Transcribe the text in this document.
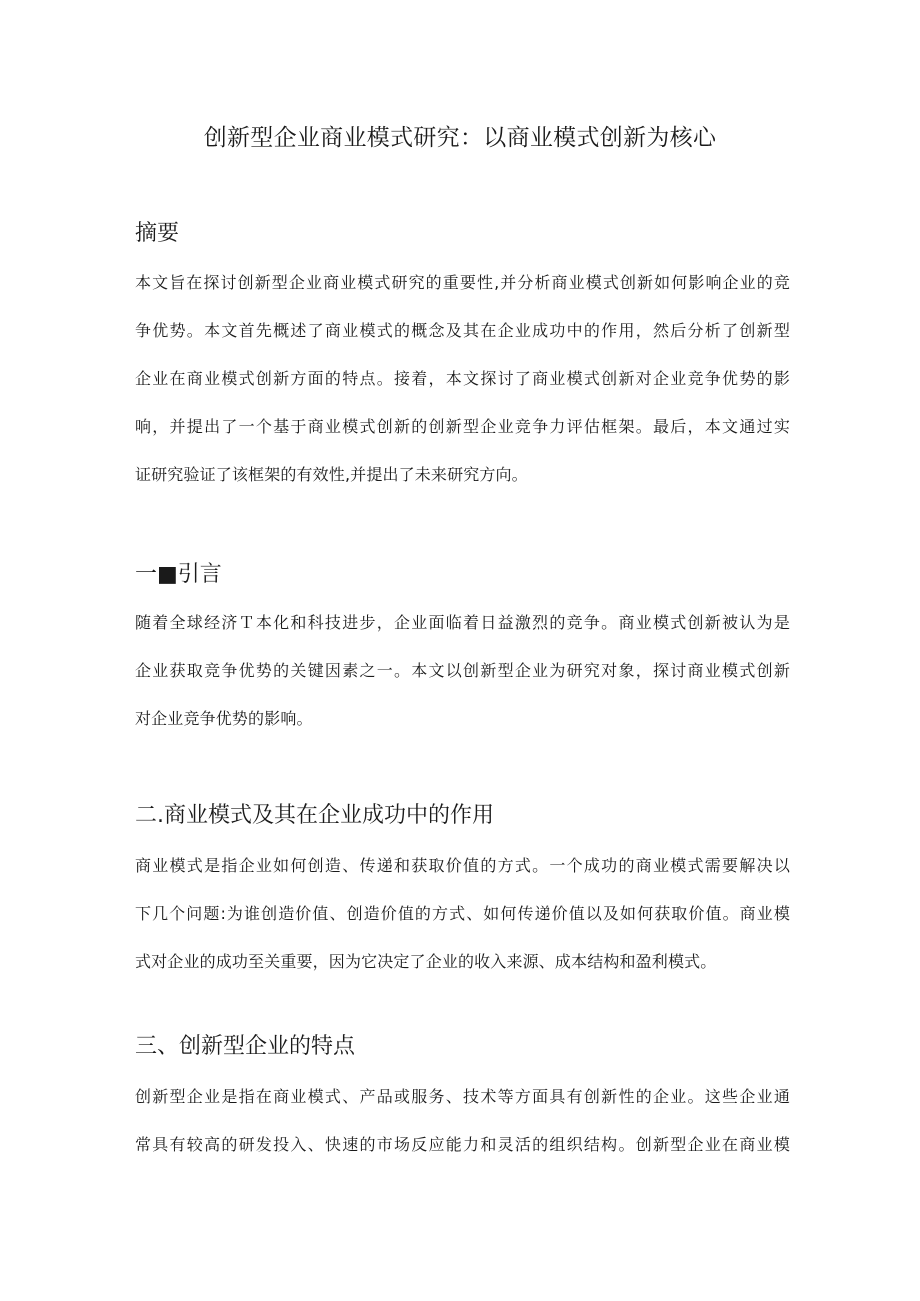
创新型企业商业模式研究：以商业模式创新为核心
摘要
本文旨在探讨创新型企业商业模式研究的重要性,并分析商业模式创新如何影响企业的竞
争优势。本文首先概述了商业模式的概念及其在企业成功中的作用，然后分析了创新型
企业在商业模式创新方面的特点。接着，本文探讨了商业模式创新对企业竞争优势的影
响，并提出了一个基于商业模式创新的创新型企业竞争力评估框架。最后，本文通过实
证研究验证了该框架的有效性,并提出了未来研究方向。
一■引言
随着全球经济Ｔ本化和科技进步，企业面临着日益激烈的竞争。商业模式创新被认为是
企业获取竞争优势的关键因素之一。本文以创新型企业为研究对象，探讨商业模式创新
对企业竞争优势的影响。
二.商业模式及其在企业成功中的作用
商业模式是指企业如何创造、传递和获取价值的方式。一个成功的商业模式需要解决以
下几个问题:为谁创造价值、创造价值的方式、如何传递价值以及如何获取价值。商业模
式对企业的成功至关重要，因为它决定了企业的收入来源、成本结构和盈利模式。
三、创新型企业的特点
创新型企业是指在商业模式、产品或服务、技术等方面具有创新性的企业。这些企业通
常具有较高的研发投入、快速的市场反应能力和灵活的组织结构。创新型企业在商业模
